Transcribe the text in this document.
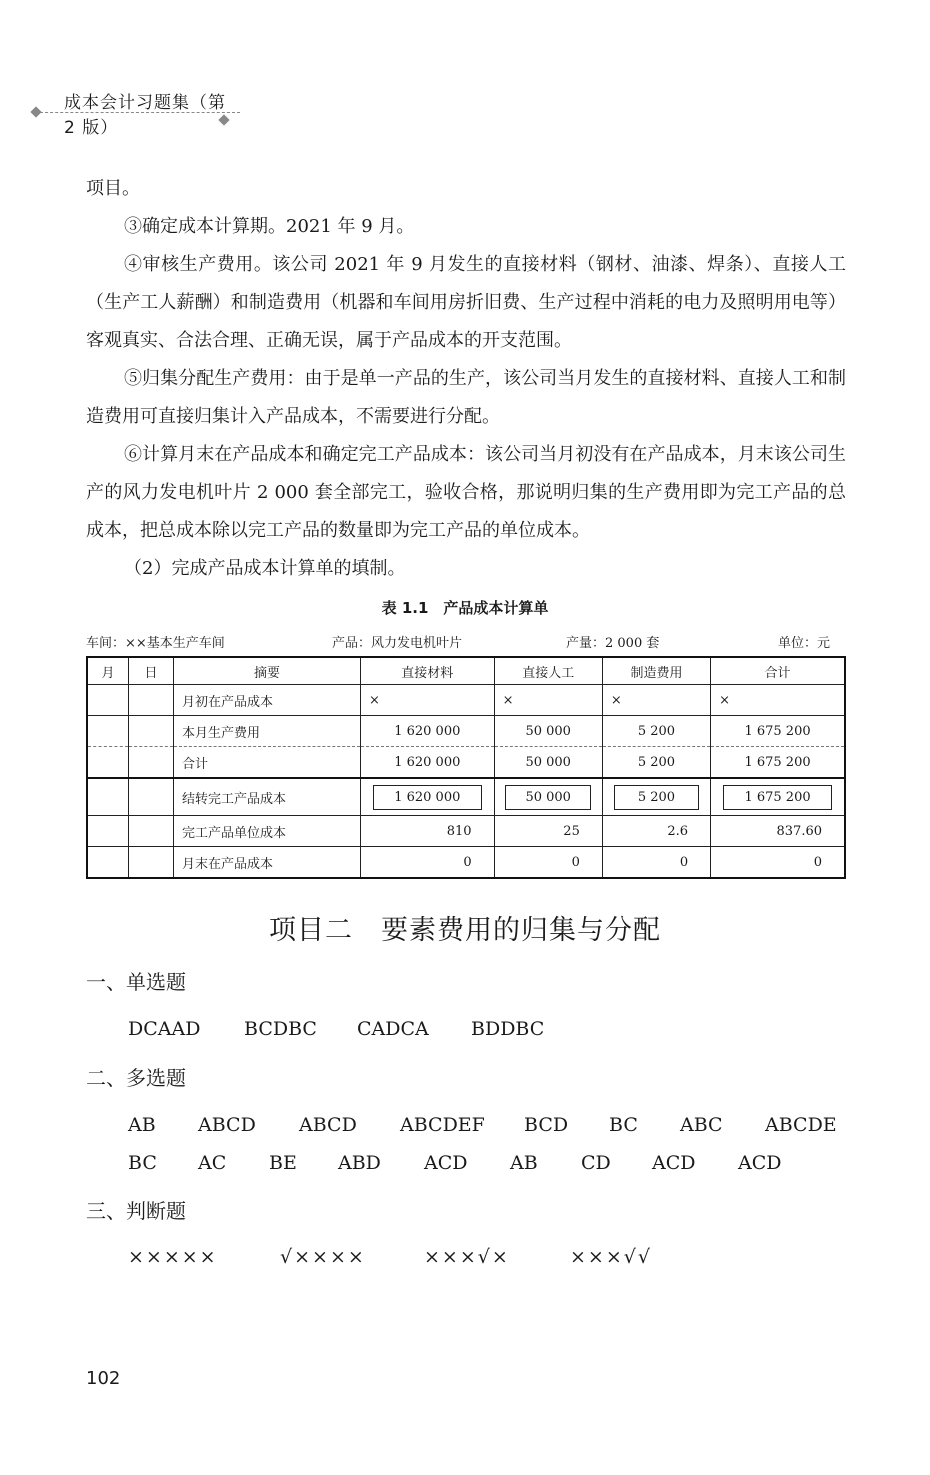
成本会计习题集（第 2 版）

项目。

③确定成本计算期。2021 年 9 月。

④审核生产费用。该公司 2021 年 9 月发生的直接材料（钢材、油漆、焊条）、直接人工（生产工人薪酬）和制造费用（机器和车间用房折旧费、生产过程中消耗的电力及照明用电等）客观真实、合法合理、正确无误，属于产品成本的开支范围。

⑤归集分配生产费用：由于是单一产品的生产，该公司当月发生的直接材料、直接人工和制造费用可直接归集计入产品成本，不需要进行分配。

⑥计算月末在产品成本和确定完工产品成本：该公司当月初没有在产品成本，月末该公司生产的风力发电机叶片 2 000 套全部完工，验收合格，那说明归集的生产费用即为完工产品的总成本，把总成本除以完工产品的数量即为完工产品的单位成本。

（2）完成产品成本计算单的填制。

表 1.1　产品成本计算单
车间：××基本生产车间	产品：风力发电机叶片	产量：2 000 套	单位：元
月	日	摘要	直接材料	直接人工	制造费用	合计
		月初在产品成本	×	×	×	×
		本月生产费用	1 620 000	50 000	5 200	1 675 200
		合计	1 620 000	50 000	5 200	1 675 200
		结转完工产品成本	1 620 000	50 000	5 200	1 675 200
		完工产品单位成本	810	25	2.6	837.60
		月末在产品成本	0	0	0	0
项目二　要素费用的归集与分配
一、单选题
DCAAD BCDBC CADCA BDDBC
二、多选题
AB ABCD ABCD ABCDEF BCD BC ABC ABCDE
BC AC BE ABD ACD AB CD ACD ACD
三、判断题
×××××	√××××	×××√×	×××√√
102
